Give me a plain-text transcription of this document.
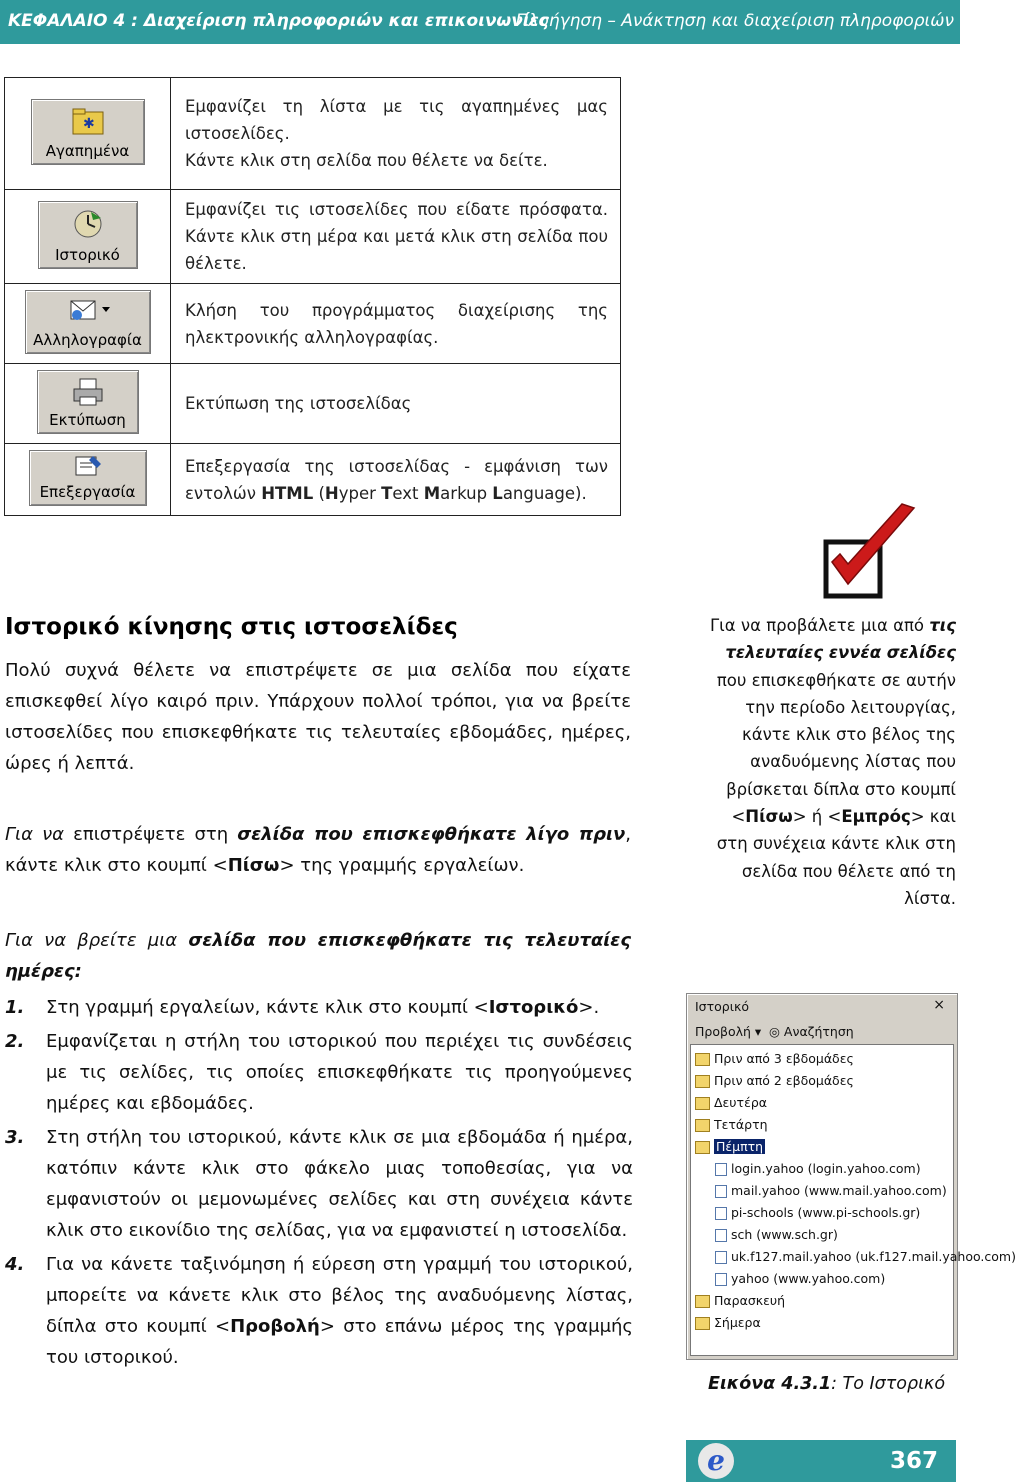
ΚΕΦΑΛΑΙΟ 4 : Διαχείριση πληροφοριών και επικοινωνίες
Πλοήγηση – Ανάκτηση και διαχείριση πληροφοριών
✱
Αγαπημένα	Εμφανίζει τη λίστα με τις αγαπημένες μας ιστοσελίδες.
Κάντε κλικ στη σελίδα που θέλετε να δείτε.

Ιστορικό	Εμφανίζει τις ιστοσελίδες που είδατε πρόσφατα. Κάντε κλικ στη μέρα και μετά κλικ στη σελίδα που θέλετε.

Αλληλογραφία	Κλήση του προγράμματος διαχείρισης της ηλεκτρονικής αλληλογραφίας.

Εκτύπωση	Εκτύπωση της ιστοσελίδας

Επεξεργασία	Επεξεργασία της ιστοσελίδας - εμφάνιση των εντολών HTML (Hyper Text Markup Language).
Ιστορικό κίνησης στις ιστοσελίδες
Πολύ συχνά θέλετε να επιστρέψετε σε μια σελίδα που είχατε επισκεφθεί λίγο καιρό πριν. Υπάρχουν πολλοί τρόποι, για να βρείτε ιστοσελίδες που επισκεφθήκατε τις τελευταίες εβδομάδες, ημέρες, ώρες ή λεπτά.
Για να επιστρέψετε στη σελίδα που επισκεφθήκατε λίγο πριν, κάντε κλικ στο κουμπί <Πίσω> της γραμμής εργαλείων.
Για να βρείτε μια σελίδα που επισκεφθήκατε τις τελευταίες ημέρες:
1. Στη γραμμή εργαλείων, κάντε κλικ στο κουμπί <Ιστορικό>.
2. Εμφανίζεται η στήλη του ιστορικού που περιέχει τις συνδέσεις με τις σελίδες, τις οποίες επισκεφθήκατε τις προηγούμενες ημέρες και εβδομάδες.
3. Στη στήλη του ιστορικού, κάντε κλικ σε μια εβδομάδα ή ημέρα, κατόπιν κάντε κλικ στο φάκελο μιας τοποθεσίας, για να εμφανιστούν οι μεμονωμένες σελίδες και στη συνέχεια κάντε κλικ στο εικονίδιο της σελίδας, για να εμφανιστεί η ιστοσελίδα.
4. Για να κάνετε ταξινόμηση ή εύρεση στη γραμμή του ιστορικού, μπορείτε να κάνετε κλικ στο βέλος της αναδυόμενης λίστας, δίπλα στο κουμπί <Προβολή> στο επάνω μέρος της γραμμής του ιστορικού.
Για να προβάλετε μια από τις τελευταίες εννέα σελίδες που επισκεφθήκατε σε αυτήν την περίοδο λειτουργίας, κάντε κλικ στο βέλος της αναδυόμενης λίστας που βρίσκεται δίπλα στο κουμπί <Πίσω> ή <Εμπρός> και στη συνέχεια κάντε κλικ στη σελίδα που θέλετε από τη λίστα.
Ιστορικό	×
Προβολή ▾ ◎ Αναζήτηση
Πριν από 3 εβδομάδες
Πριν από 2 εβδομάδες
Δευτέρα
Τετάρτη
Πέμπτη
login.yahoo (login.yahoo.com)
mail.yahoo (www.mail.yahoo.com)
pi-schools (www.pi-schools.gr)
sch (www.sch.gr)
uk.f127.mail.yahoo (uk.f127.mail.yahoo.com)
yahoo (www.yahoo.com)
Παρασκευή
Σήμερα
Εικόνα 4.3.1: Το Ιστορικό
e	367
